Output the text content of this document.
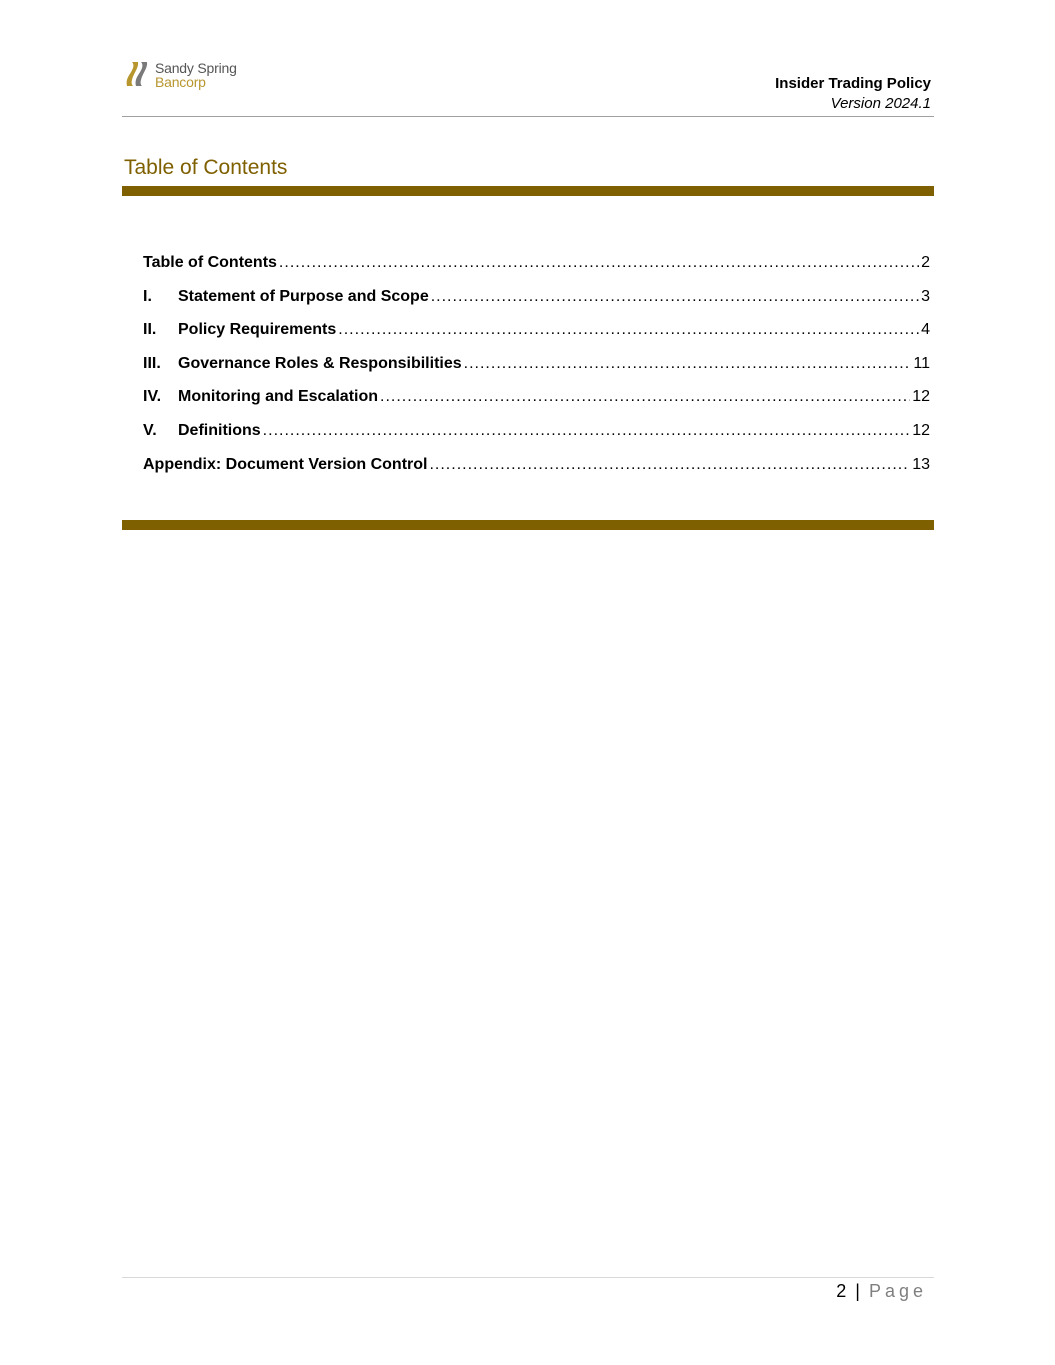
Sandy Spring
Bancorp	Insider Trading Policy
Version 2024.1
Table of Contents
Table of Contents .....	2
I.	Statement of Purpose and Scope .....	3
II.	Policy Requirements .....	4
III.	Governance Roles & Responsibilities .....	11
IV.	Monitoring and Escalation .....	12
V.	Definitions .....	12
Appendix: Document Version Control .....	13
2 | Page
